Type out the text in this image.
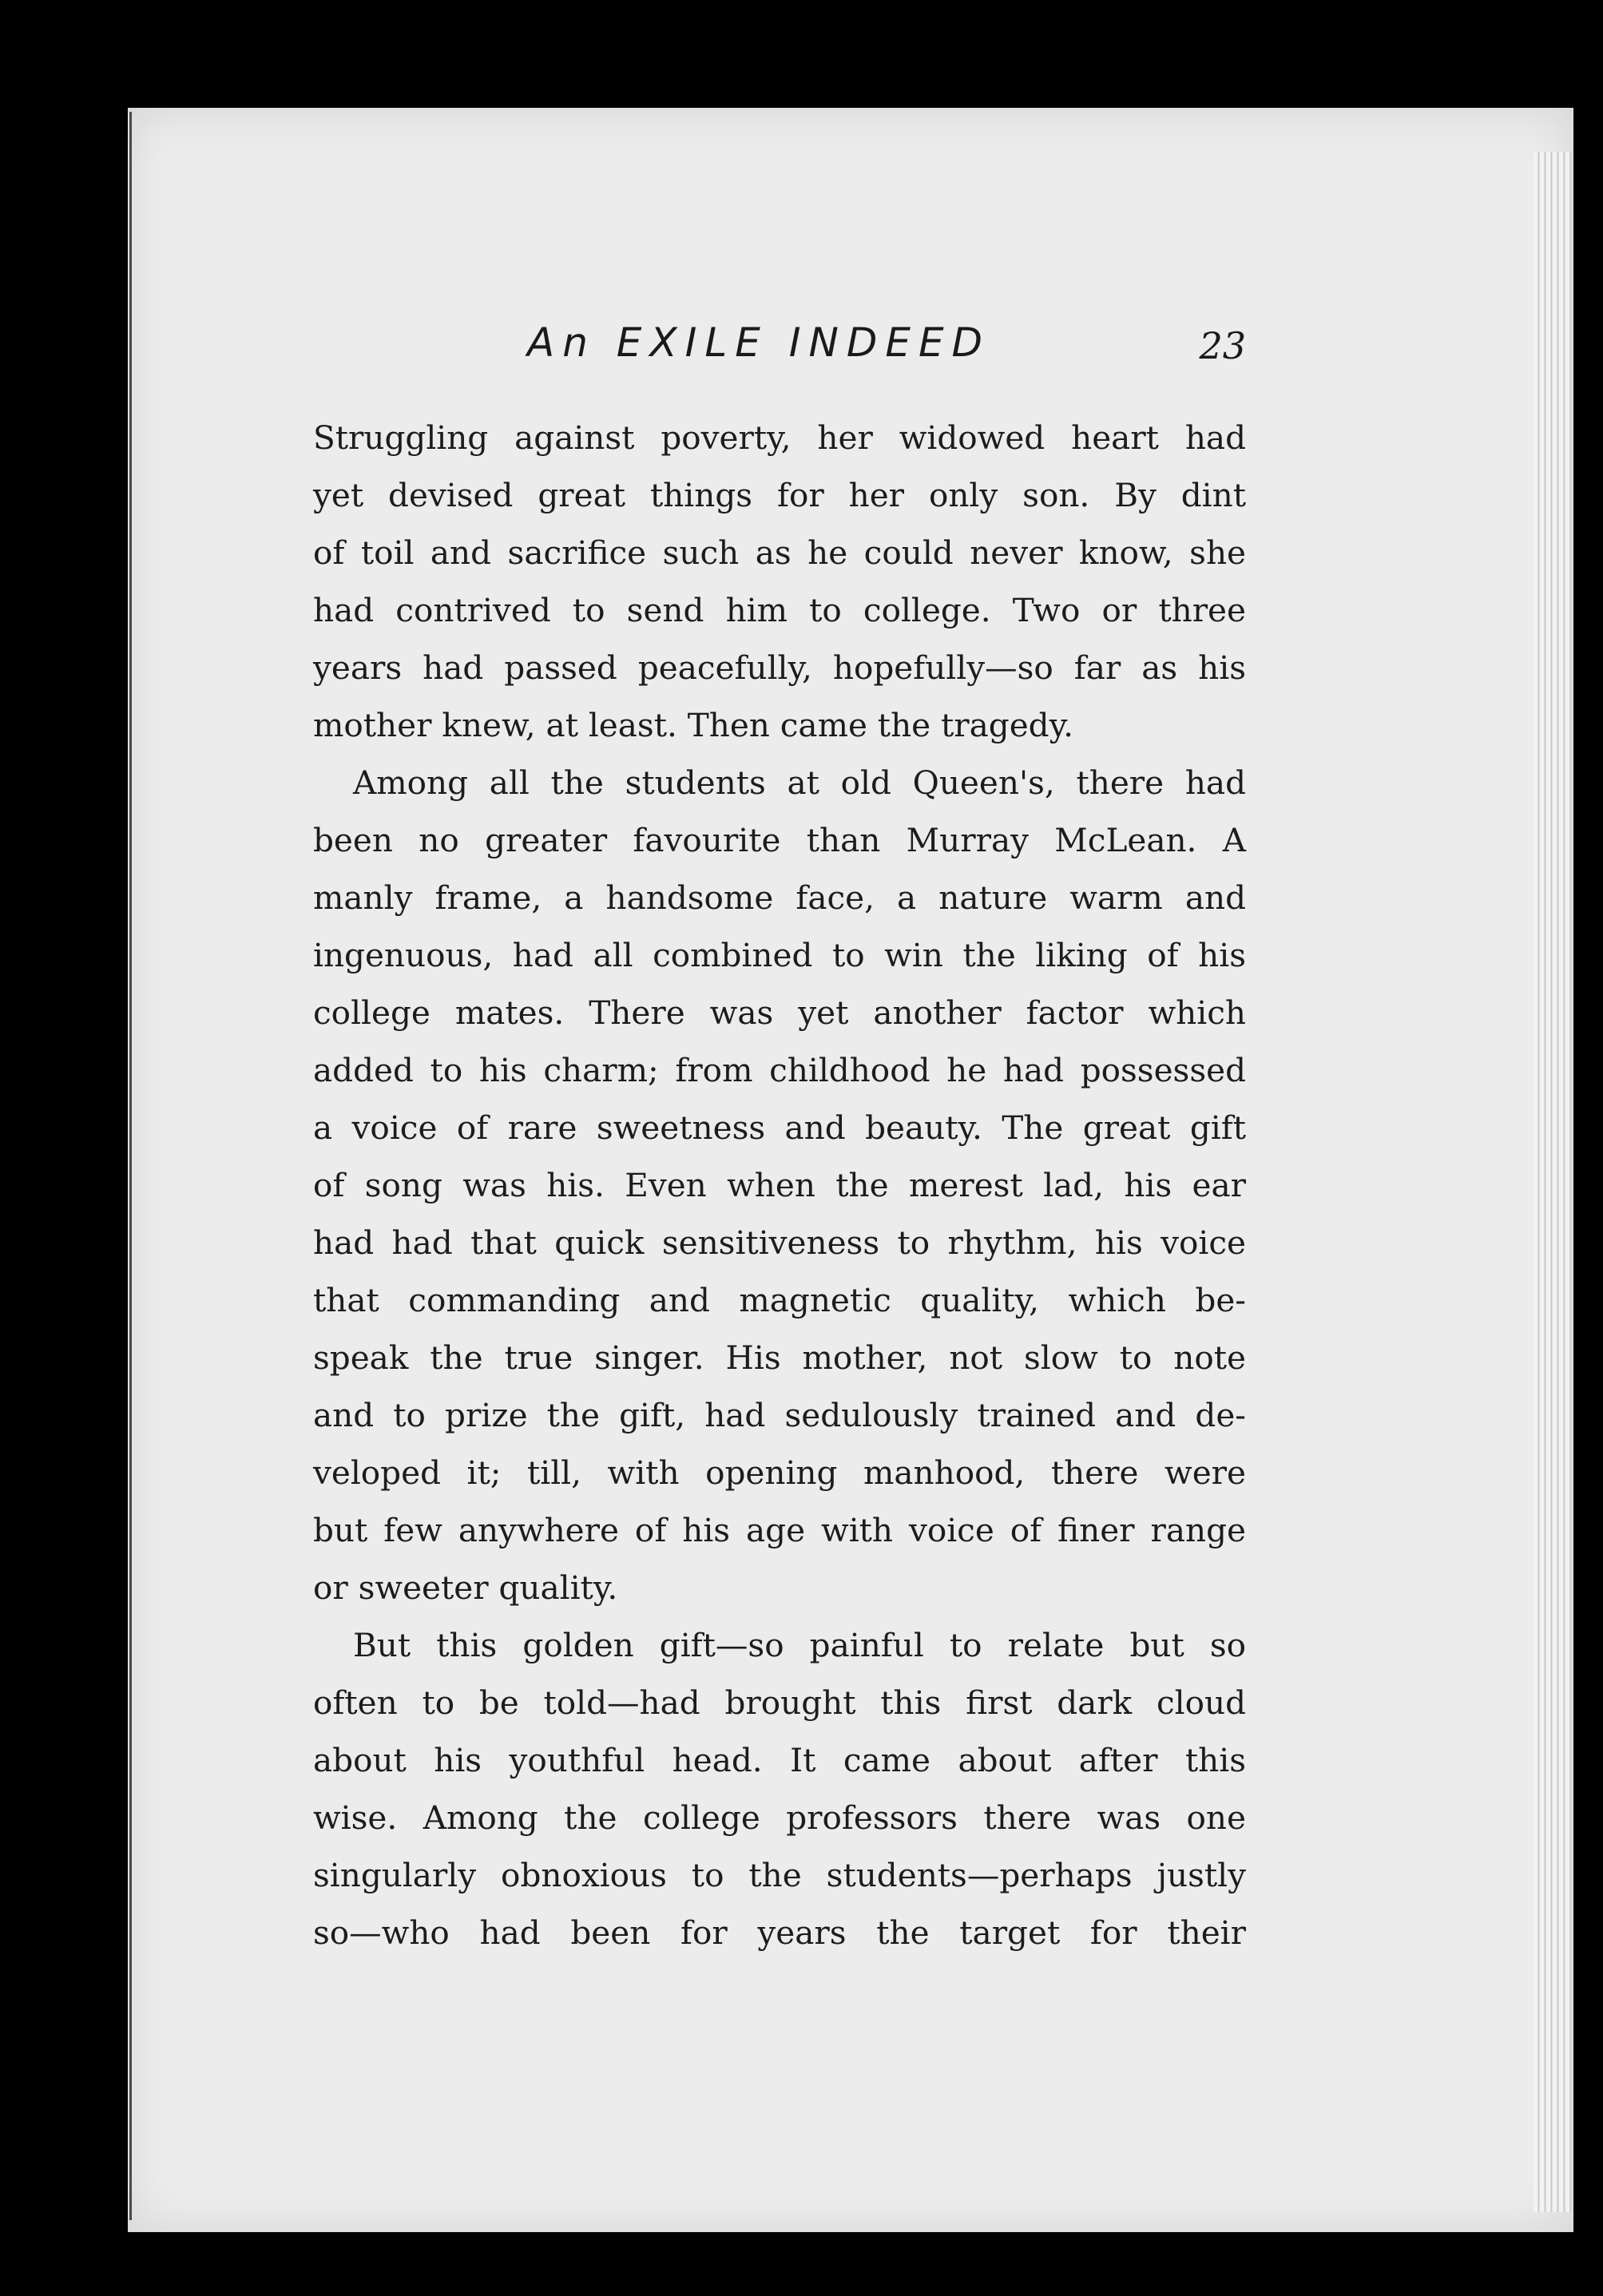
An EXILE INDEED	23
Struggling against poverty, her widowed heart had
yet devised great things for her only son. By dint
of toil and sacrifice such as he could never know, she
had contrived to send him to college. Two or three
years had passed peacefully, hopefully—so far as his
mother knew, at least. Then came the tragedy.
Among all the students at old Queen's, there had
been no greater favourite than Murray McLean. A
manly frame, a handsome face, a nature warm and
ingenuous, had all combined to win the liking of his
college mates. There was yet another factor which
added to his charm; from childhood he had possessed
a voice of rare sweetness and beauty. The great gift
of song was his. Even when the merest lad, his ear
had had that quick sensitiveness to rhythm, his voice
that commanding and magnetic quality, which be-
speak the true singer. His mother, not slow to note
and to prize the gift, had sedulously trained and de-
veloped it; till, with opening manhood, there were
but few anywhere of his age with voice of finer range
or sweeter quality.
But this golden gift—so painful to relate but so
often to be told—had brought this first dark cloud
about his youthful head. It came about after this
wise. Among the college professors there was one
singularly obnoxious to the students—perhaps justly
so—who had been for years the target for their
